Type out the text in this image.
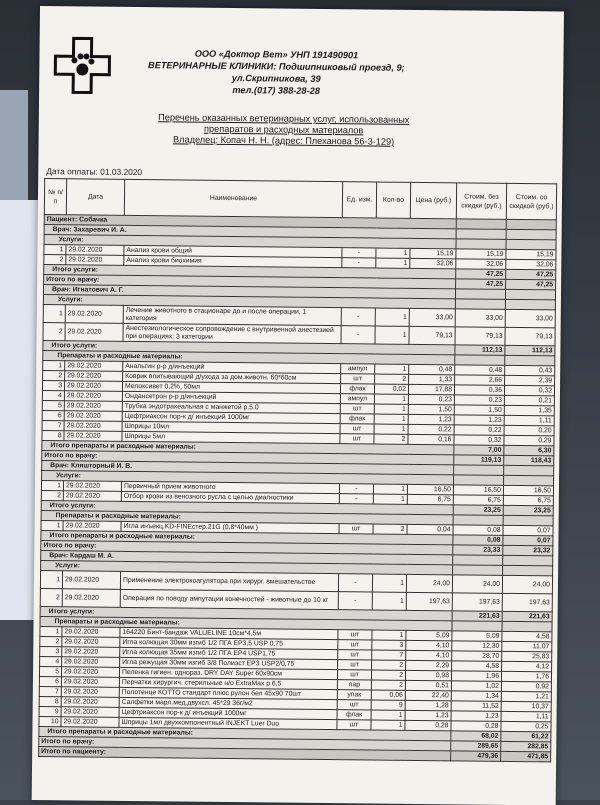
ООО «Доктор Вет» УНП 191490901
ВЕТЕРИНАРНЫЕ КЛИНИКИ: Подшипниковый проезд, 9;
ул.Скрипникова, 39
тел.(017) 388-28-28
Перечень оказанных ветеринарных услуг, использованных
препаратов и расходных материалов
Владелец: Копач Н. Н. (адрес: Плеханова 56-3-129)
Дата оплаты: 01.03.2020
№ п/п	Дата	Наименование	Ед. изм.	Кол-во	Цена (руб.)	Стоим. без скидки (руб.)	Стоим. со скидкой (руб.)
Пациент: Собачка							
Врач: Захаревич И. А.							
Услуги:							
1	29.02.2020	Анализ крови общий	-	1	15,19	15,19	15,19
2	29.02.2020	Анализ крови биохимия	-	1	32,06	32,06	32,06
Итого услуги:						47,25	47,25
Итого по врачу:						47,25	47,25
Врач: Игнатович А. Г.							
Услуги:							
1	29.02.2020	Лечение животного в стационаре до и после операции, 1 категория	-	1	33,00	33,00	33,00
2	29.02.2020	Анестезиологическое сопровождение с внутривенной анестезией при операциях: 3 категории	-	1	79,13	79,13	79,13
Итого услуги:						112,13	112,13
Препараты и расходные материалы:							
1	29.02.2020	Анальгин р-р д/инъекций	ампул	1	0,48	0,48	0,43
2	29.02.2020	Коврик впитывающий д/ухода за дом.животн. 60*60см	шт	2	1,33	2,66	2,39
3	29.02.2020	Мелоксивет 0,2%, 50мл	флак	0,02	17,88	0,36	0,32
4	29.02.2020	Ондансетрон р-р д/инъекций	ампул	1	0,23	0,23	0,21
5	29.02.2020	Трубка эндотрахеальная с манжетой р.5.0	шт	1	1,50	1,50	1,35
6	29.02.2020	Цефтриаксон пор-к д/ инъекций 1000мг	флак	1	1,23	1,23	1,11
7	29.02.2020	Шприцы 10мл	шт	1	0,22	0,22	0,20
8	29.02.2020	Шприцы 5мл	шт	2	0,16	0,32	0,29
Итого препараты и расходные материалы:						7,00	6,30
Итого по врачу:						119,13	118,43
Врач: Кляшторный И. В.							
Услуги:							
1	29.02.2020	Первичный прием животного	-	1	16,50	16,50	16,50
2	29.02.2020	Отбор крови из венозного русла с целью диагностики	-	1	6,75	6,75	6,75
Итого услуги:						23,25	23,25
Препараты и расходные материалы:							
1	29.02.2020	Игла инъекц.KD-FINEстер.21G (0,8*40мм )	шт	2	0,04	0,08	0,07
Итого препараты и расходные материалы:						0,08	0,07
Итого по врачу:						23,33	23,32
Врач: Кардаш М. А.							
Услуги:							
1	29.02.2020	Применение электрокоагулятора при хирург. вмешательстве	-	1	24,00	24,00	24,00
2	29.02.2020	Операция по поводу ампутации конечностей - животные до 10 кг	-	1	197,63	197,63	197,63
Итого услуги:						221,63	221,63
Препараты и расходные материалы:							
1	29.02.2020	164220 Бинт-бандаж VALUELINE 10см*4,5м	шт	1	5,09	5,09	4,58
2	29.02.2020	Игла колющая 30мм изгиб 1/2 ПГА EP3,5 USP 0,75	шт	3	4,10	12,30	11,07
3	29.02.2020	Игла колющая 35мм изгиб 1/2 ПГА EP4 USP1,75	шт	7	4,10	28,70	25,83
4	29.02.2020	Игла режущая 30мм изгиб 3/8 Полиэст EP3 USP2/0,75	шт	2	2,29	4,58	4,12
5	29.02.2020	Пеленка гигиен. однораз. DRY DAY Super 60x90см	шт	2	0,98	1,96	1,76
6	29.02.2020	Перчатки хирургич. стерильные н/о ExtraMax р 6,5	пар	2	0,51	1,02	0,92
7	29.02.2020	Полотенце КОТТО стандарт плюс рулон бел 45x90 70шт	упак	0,06	22,40	1,34	1,21
8	29.02.2020	Салфетки марл.мед.двухсл. 45*29 36г/м2	шт	9	1,28	11,52	10,37
9	29.02.2020	Цефтриаксон пор-к д/ инъекций 1000мг	флак	1	1,23	1,23	1,11
10	29.02.2020	Шприцы 1мл двухкомпонентный INJEKT Luer Duo	шт	1	0,28	0,28	0,25
Итого препараты и расходные материалы:						68,02	61,22
Итого по врачу:						289,65	282,85
Итого по пациенту:						479,36	471,85
